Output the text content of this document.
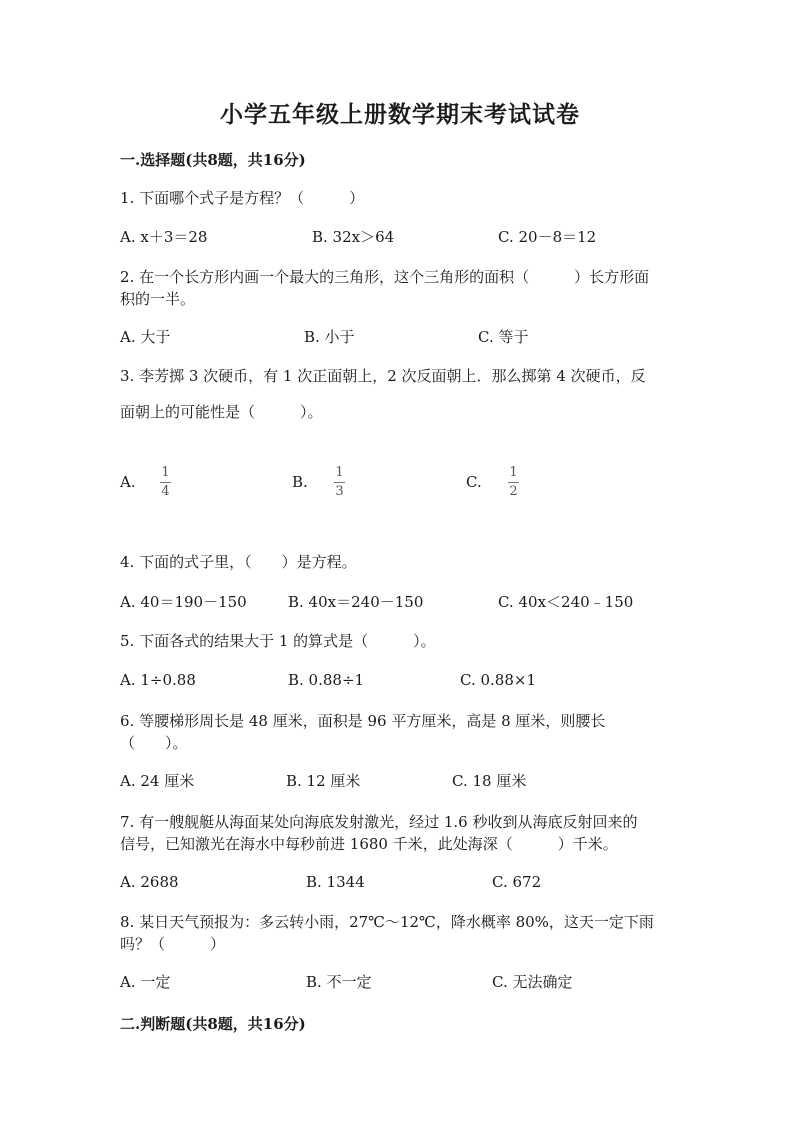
小学五年级上册数学期末考试试卷
一.选择题(共8题，共16分)
1. 下面哪个式子是方程？（　　　）
A. x＋3＝28	B. 32x＞64	C. 20－8＝12
2. 在一个长方形内画一个最大的三角形，这个三角形的面积（　　　）长方形面
积的一半。
A. 大于	B. 小于	C. 等于
3. 李芳掷 3 次硬币，有 1 次正面朝上，2 次反面朝上．那么掷第 4 次硬币，反
面朝上的可能性是（　　　）。
A.
1
4
B.
1
3
C.
1
2
4. 下面的式子里，（　　）是方程。
A. 40＝190－150	B. 40x＝240－150	C. 40x＜240﹣150
5. 下面各式的结果大于 1 的算式是（　　　）。
A. 1÷0.88	B. 0.88÷1	C. 0.88×1
6. 等腰梯形周长是 48 厘米，面积是 96 平方厘米，高是 8 厘米，则腰长
（　　）。
A. 24 厘米	B. 12 厘米	C. 18 厘米
7. 有一艘舰艇从海面某处向海底发射激光，经过 1.6 秒收到从海底反射回来的
信号，已知激光在海水中每秒前进 1680 千米，此处海深（　　　）千米。
A. 2688	B. 1344	C. 672
8. 某日天气预报为：多云转小雨，27℃～12℃，降水概率 80%，这天一定下雨
吗？（　　　）
A. 一定	B. 不一定	C. 无法确定
二.判断题(共8题，共16分)
